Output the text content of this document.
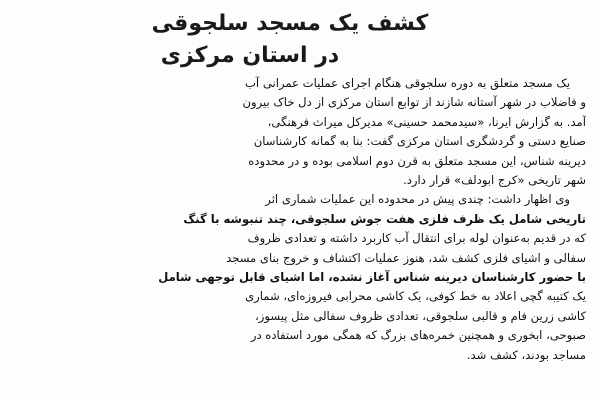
کشف یک مسجد سلجوقی
در استان مرکزی
یک مسجد متعلق به دوره سلجوقی هنگام اجرای عملیات عمرانی آب
و فاضلاب در شهر آستانه شازند از توابع استان مرکزی از دل خاک بیرون
آمد. به گزارش ایرنا، «سیدمحمد حسینی» مدیرکل میراث فرهنگی،
صنایع دستی و گردشگری استان مرکزی گفت: بنا به گمانه کارشناسان
دیرینه شناس، این مسجد متعلق به قرن دوم اسلامی بوده و در محدوده
شهر تاریخی «کرج ابودلف» قرار دارد.
وی اظهار داشت: چندی پیش در محدوده این عملیات شماری اثر
تاریخی شامل یک ظرف فلزی هفت جوش سلجوقی، چند تنبوشه با گنگ
که در قدیم به‌عنوان لوله برای انتقال آب کاربرد داشته و تعدادی ظروف
سفالی و اشیای فلزی کشف شد، هنوز عملیات اکتشاف و خروج بنای مسجد
با حضور کارشناسان دیرینه شناس آغاز نشده، اما اشیای قابل توجهی شامل
یک کتیبه گچی اعلاد به خط کوفی، یک کاشی محرابی فیروزه‌ای، شماری
کاشی زرین فام و قالبی سلجوقی، تعدادی ظروف سفالی مثل پیسوز،
صبوحی، ابخوری و همچنین خمره‌های بزرگ که همگی مورد استفاده در
مساجد بودند، کشف شد.
